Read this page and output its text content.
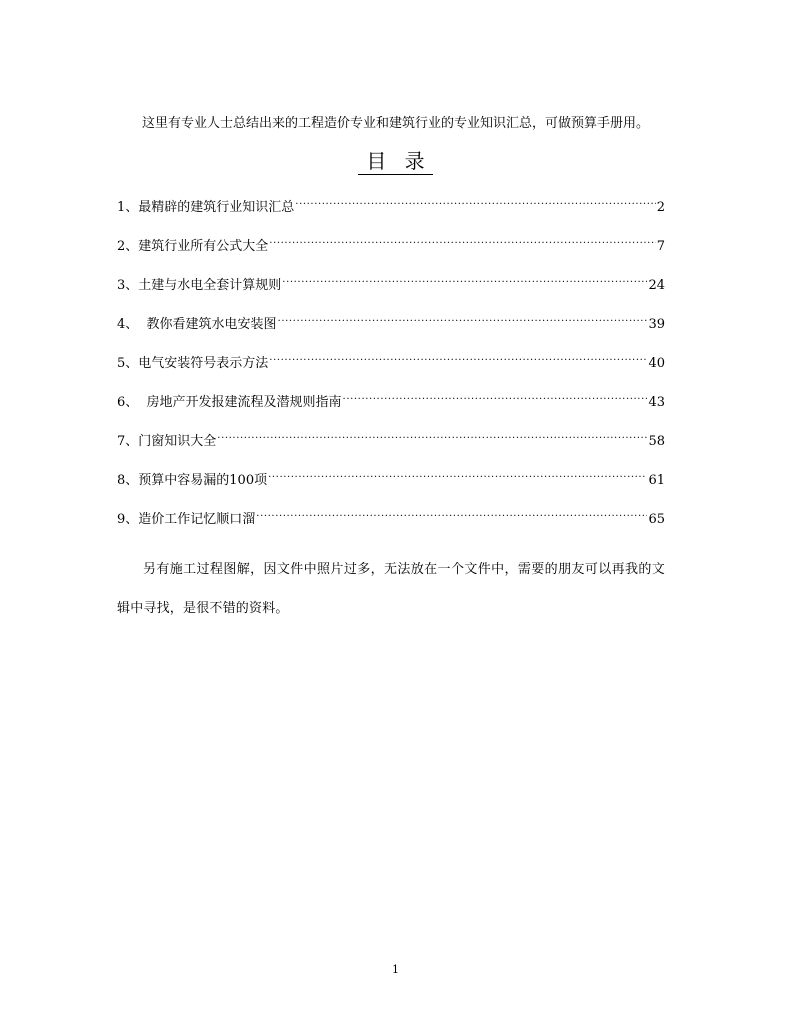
这里有专业人士总结出来的工程造价专业和建筑行业的专业知识汇总，可做预算手册用。
目 录
1、 最精辟的建筑行业知识汇总 .....	2
2、 建筑行业所有公式大全 .....	7
3、 土建与水电全套计算规则 .....	24
4、 教你看建筑水电安装图 .....	39
5、 电气安装符号表示方法 .....	40
6、 房地产开发报建流程及潜规则指南 .....	43
7、 门窗知识大全 .....	58
8、 预算中容易漏的100项 .....	61
9、 造价工作记忆顺口溜 .....	65

另有施工过程图解，因文件中照片过多，无法放在一个文件中，需要的朋友可以再我的文辑中寻找，是很不错的资料。

1
